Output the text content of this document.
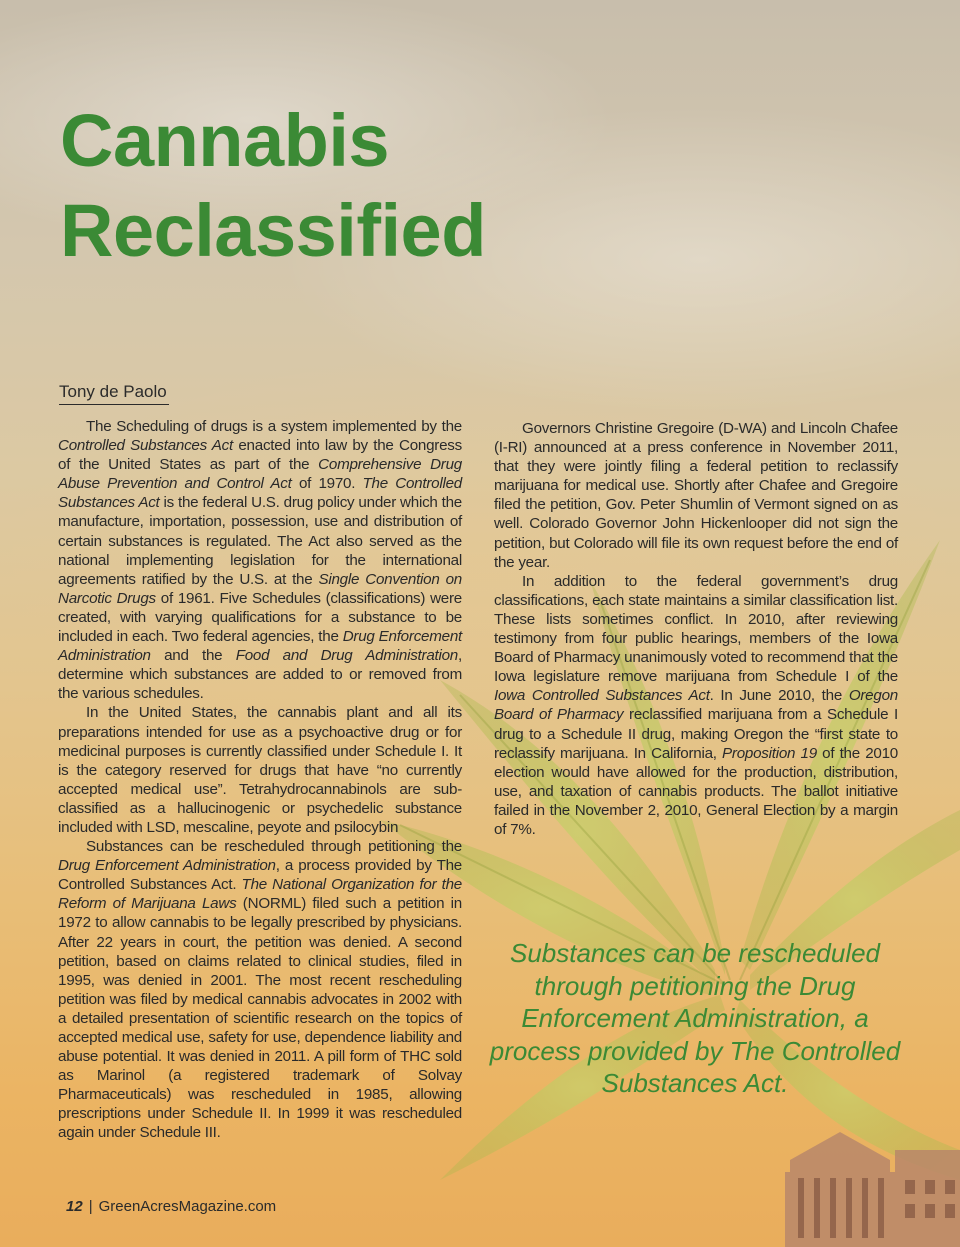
Cannabis
Reclassified
Tony de Paolo

The Scheduling of drugs is a system implemented by the Controlled Substances Act enacted into law by the Congress of the United States as part of the Comprehensive Drug Abuse Prevention and Control Act of 1970. The Controlled Substances Act is the federal U.S. drug policy under which the manufacture, importation, possession, use and distribution of certain substances is regulated. The Act also served as the national implementing legislation for the international agreements ratified by the U.S. at the Single Convention on Narcotic Drugs of 1961. Five Schedules (classifications) were created, with varying qualifications for a substance to be included in each. Two federal agencies, the Drug Enforcement Administration and the Food and Drug Administration, determine which substances are added to or removed from the various schedules.

In the United States, the cannabis plant and all its preparations intended for use as a psychoactive drug or for medicinal purposes is currently classified under Schedule I. It is the category reserved for drugs that have “no currently accepted medical use”. Tetrahydrocannabinols are sub-classified as a hallucinogenic or psychedelic substance included with LSD, mescaline, peyote and psilocybin

Substances can be rescheduled through petitioning the Drug Enforcement Administration, a process provided by The Controlled Substances Act. The National Organization for the Reform of Marijuana Laws (NORML) filed such a petition in 1972 to allow cannabis to be legally prescribed by physicians. After 22 years in court, the petition was denied. A second petition, based on claims related to clinical studies, filed in 1995, was denied in 2001. The most recent rescheduling petition was filed by medical cannabis advocates in 2002 with a detailed presentation of scientific research on the topics of accepted medical use, safety for use, dependence liability and abuse potential. It was denied in 2011. A pill form of THC sold as Marinol (a registered trademark of Solvay Pharmaceuticals) was rescheduled in 1985, allowing prescriptions under Schedule II. In 1999 it was rescheduled again under Schedule III.

Governors Christine Gregoire (D-WA) and Lincoln Chafee (I-RI) announced at a press conference in November 2011, that they were jointly filing a federal petition to reclassify marijuana for medical use. Shortly after Chafee and Gregoire filed the petition, Gov. Peter Shumlin of Vermont signed on as well. Colorado Governor John Hickenlooper did not sign the petition, but Colorado will file its own request before the end of the year.

In addition to the federal government’s drug classifications, each state maintains a similar classification list. These lists sometimes conflict. In 2010, after reviewing testimony from four public hearings, members of the Iowa Board of Pharmacy unanimously voted to recommend that the Iowa legislature remove marijuana from Schedule I of the Iowa Controlled Substances Act. In June 2010, the Oregon Board of Pharmacy reclassified marijuana from a Schedule I drug to a Schedule II drug, making Oregon the “first state to reclassify marijuana. In California, Proposition 19 of the 2010 election would have allowed for the production, distribution, use, and taxation of cannabis products. The ballot initiative failed in the November 2, 2010, General Election by a margin of 7%.

Substances can be rescheduled through petitioning the Drug Enforcement Administration, a process provided by The Controlled Substances Act.
12 | GreenAcresMagazine.com
